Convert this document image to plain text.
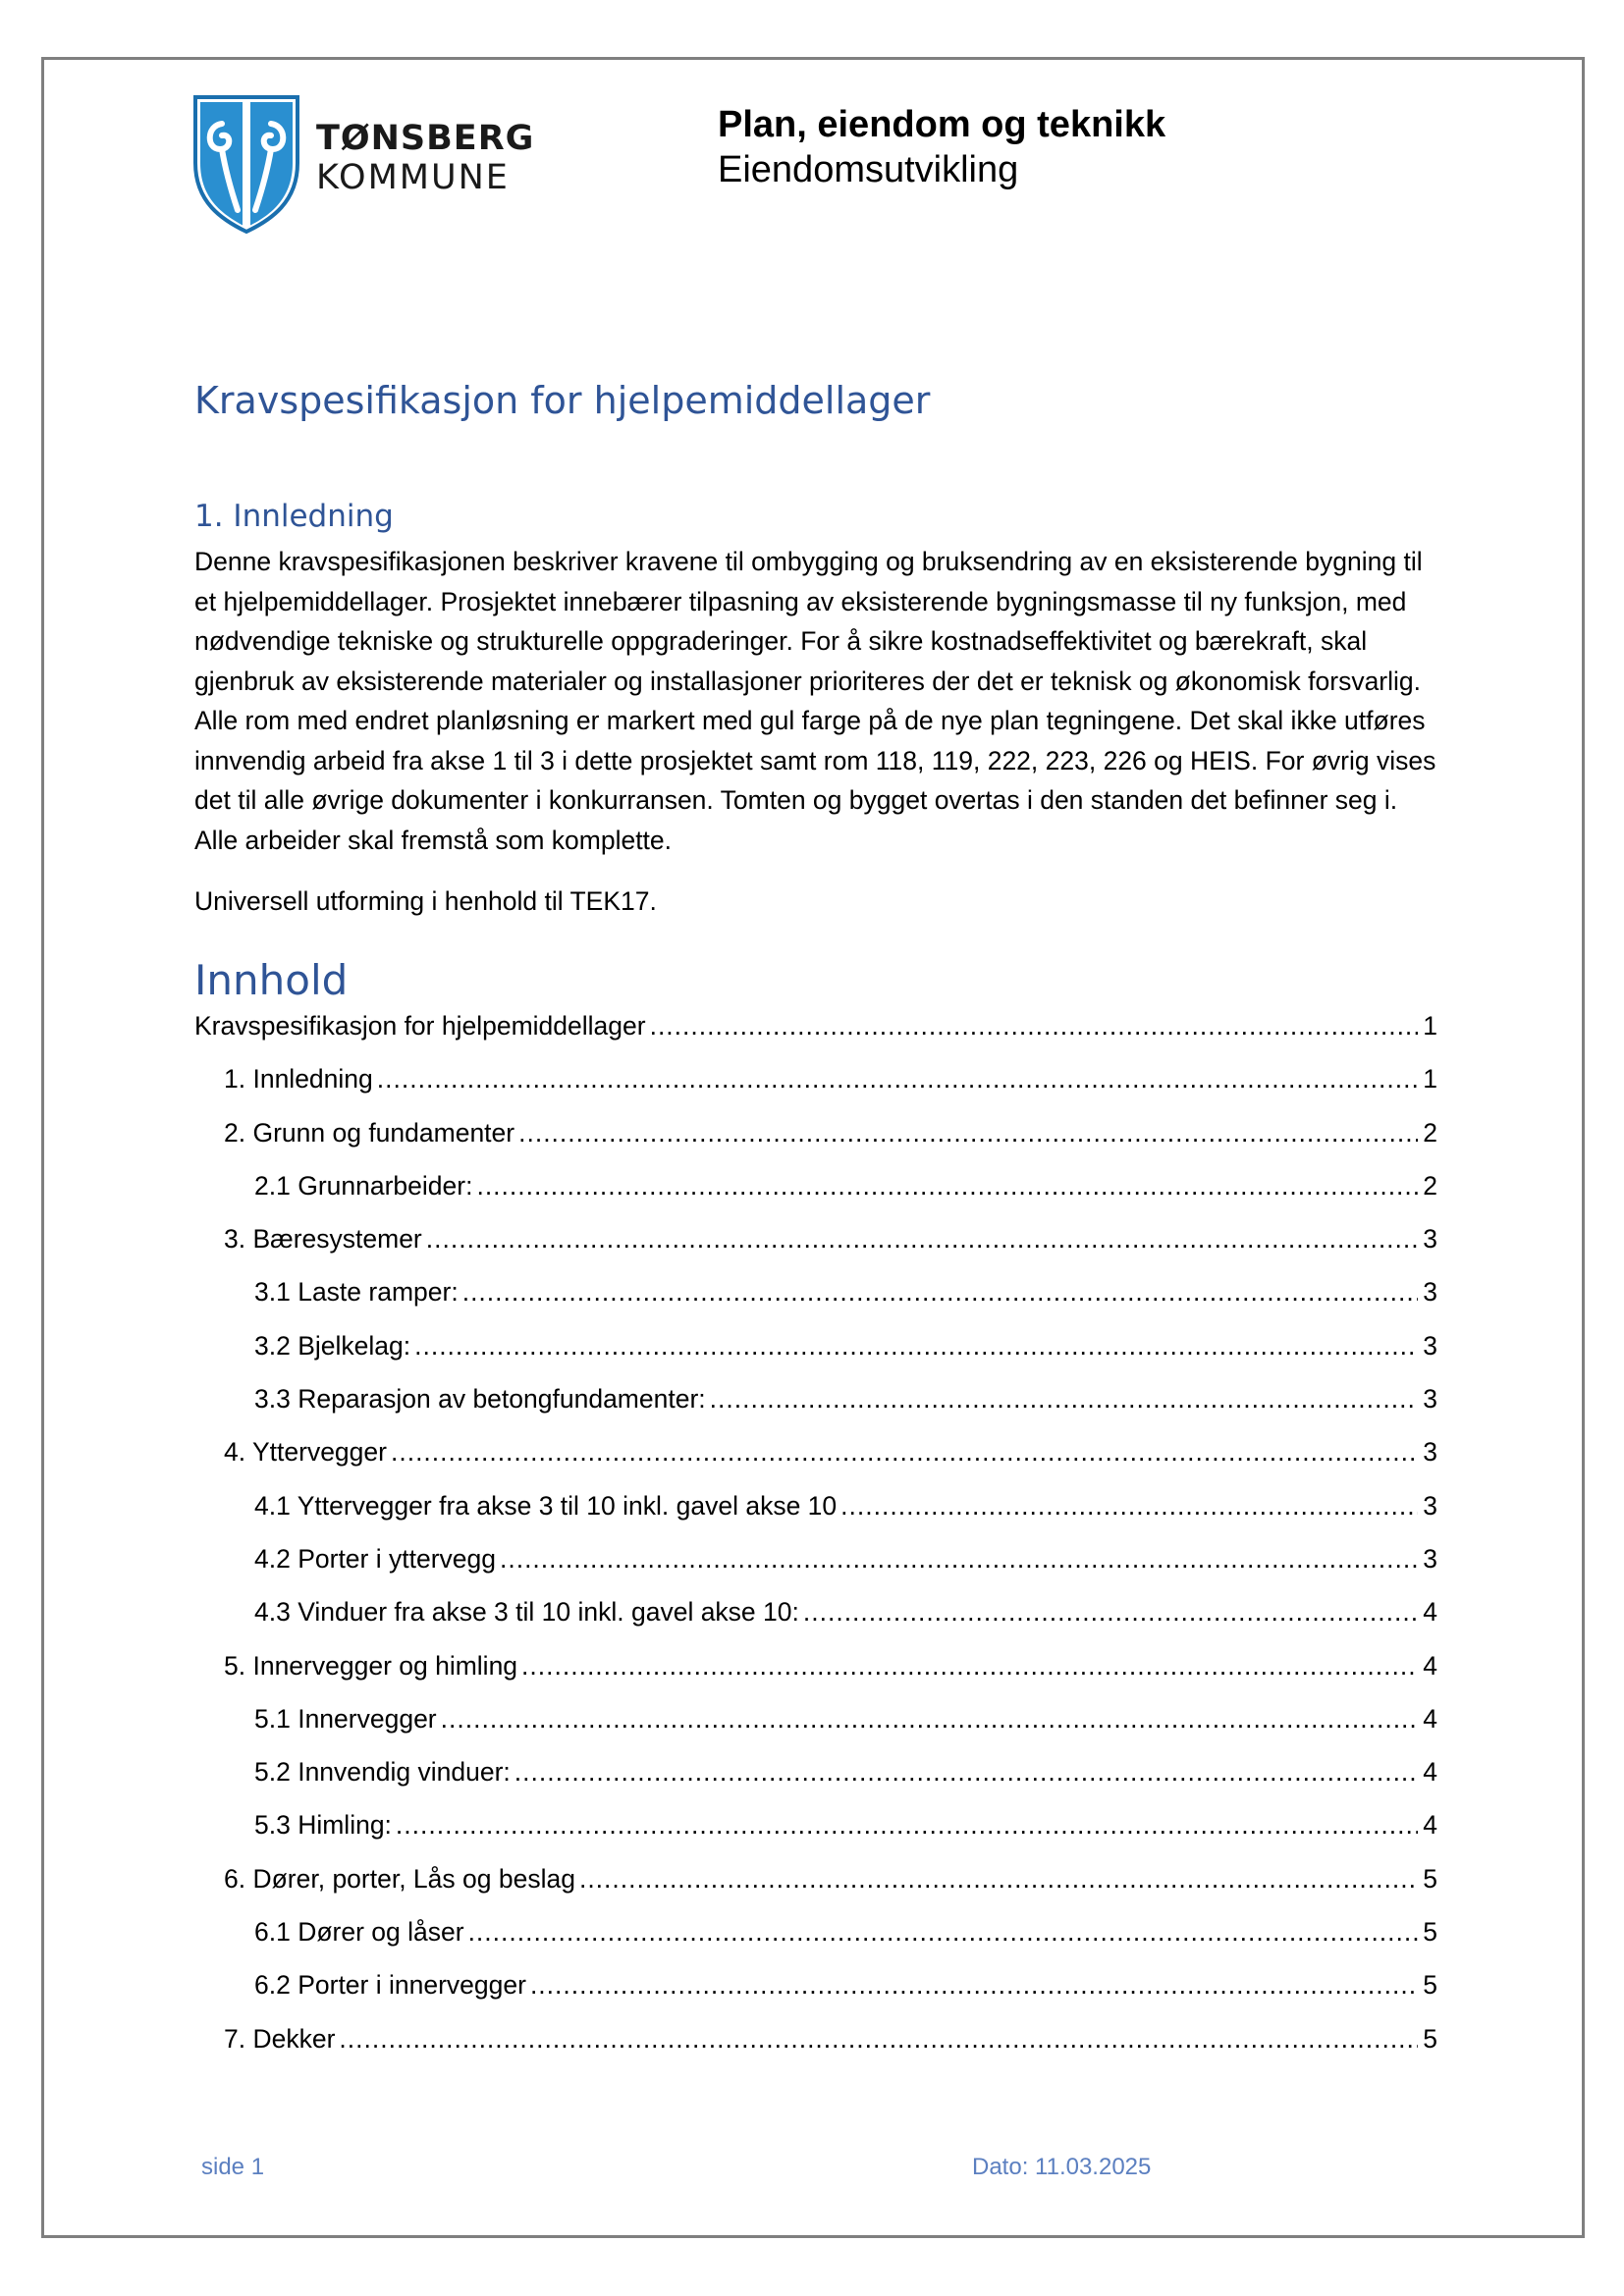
TØNSBERG
KOMMUNE
Plan, eiendom og teknikk
Eiendomsutvikling
Kravspesifikasjon for hjelpemiddellager
1. Innledning

Denne kravspesifikasjonen beskriver kravene til ombygging og bruksendring av en eksisterende bygning til et hjelpemiddellager. Prosjektet innebærer tilpasning av eksisterende bygningsmasse til ny funksjon, med nødvendige tekniske og strukturelle oppgraderinger. For å sikre kostnadseffektivitet og bærekraft, skal gjenbruk av eksisterende materialer og installasjoner prioriteres der det er teknisk og økonomisk forsvarlig. Alle rom med endret planløsning er markert med gul farge på de nye plan tegningene. Det skal ikke utføres innvendig arbeid fra akse 1 til 3 i dette prosjektet samt rom 118, 119, 222, 223, 226 og HEIS. For øvrig vises det til alle øvrige dokumenter i konkurransen. Tomten og bygget overtas i den standen det befinner seg i. Alle arbeider skal fremstå som komplette.

Universell utforming i henhold til TEK17.

Innhold
Kravspesifikasjon for hjelpemiddellager .....	1
1. Innledning .....	1
2. Grunn og fundamenter .....	2
2.1 Grunnarbeider: .....	2
3. Bæresystemer .....	3
3.1 Laste ramper: .....	3
3.2 Bjelkelag: .....	3
3.3 Reparasjon av betongfundamenter: .....	3
4. Yttervegger .....	3
4.1 Yttervegger fra akse 3 til 10 inkl. gavel akse 10 .....	3
4.2 Porter i yttervegg .....	3
4.3 Vinduer fra akse 3 til 10 inkl. gavel akse 10: .....	4
5. Innervegger og himling .....	4
5.1 Innervegger .....	4
5.2 Innvendig vinduer: .....	4
5.3 Himling: .....	4
6. Dører, porter, Lås og beslag .....	5
6.1 Dører og låser .....	5
6.2 Porter i innervegger .....	5
7. Dekker .....	5
side 1	Dato: 11.03.2025
